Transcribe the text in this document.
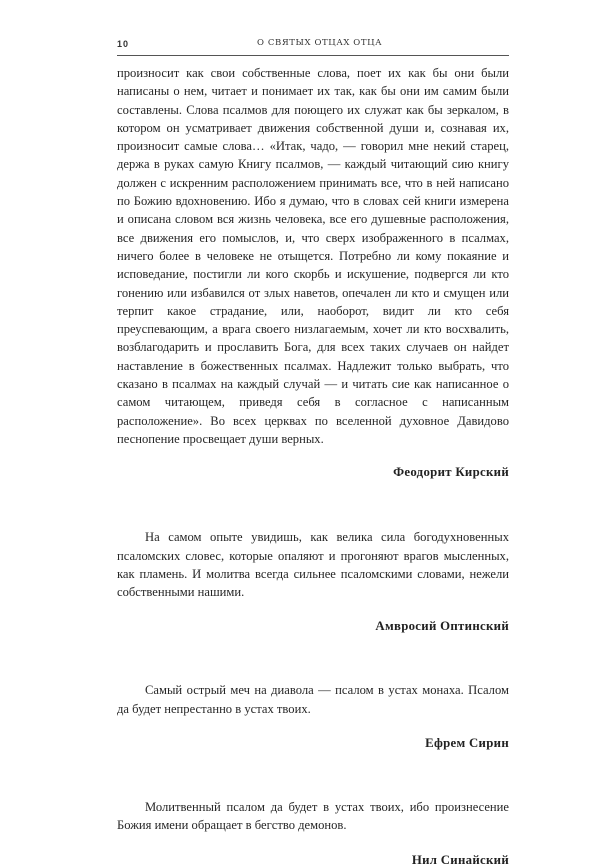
10	О СВЯТЫХ ОТЦАХ ОТЦА

произносит как свои собственные слова, поет их как бы они были написаны о нем, читает и понимает их так, как бы они им самим были составлены. Слова псалмов для поющего их служат как бы зеркалом, в котором он усматривает движения собственной души и, сознавая их, произносит самые слова… «Итак, чадо, — говорил мне некий старец, держа в руках самую Книгу псалмов, — каждый читающий сию книгу должен с искренним расположением принимать все, что в ней написано по Божию вдохновению. Ибо я думаю, что в словах сей книги измерена и описана словом вся жизнь человека, все его душевные расположения, все движения его помыслов, и, что сверх изображенного в псалмах, ничего более в человеке не отыщется. Потребно ли кому покаяние и исповедание, постигли ли кого скорбь и искушение, подвергся ли кто гонению или избавился от злых наветов, опечален ли кто и смущен или терпит какое страдание, или, наоборот, видит ли кто себя преуспевающим, а врага своего низлагаемым, хочет ли кто восхвалить, возблагодарить и прославить Бога, для всех таких случаев он найдет наставление в божественных псалмах. Надлежит только выбрать, что сказано в псалмах на каждый случай — и читать сие как написанное о самом читающем, приведя себя в согласное с написанным расположение». Во всех церквах по вселенной духовное Давидово песнопение просвещает души верных.

Феодорит Кирский

На самом опыте увидишь, как велика сила богодухновенных псаломских словес, которые опаляют и прогоняют врагов мысленных, как пламень. И молитва всегда сильнее псаломскими словами, нежели собственными нашими.

Амвросий Оптинский

Самый острый меч на диавола — псалом в устах монаха. Псалом да будет непрестанно в устах твоих.

Ефрем Сирин

Молитвенный псалом да будет в устах твоих, ибо произнесение Божия имени обращает в бегство демонов.

Нил Синайский
